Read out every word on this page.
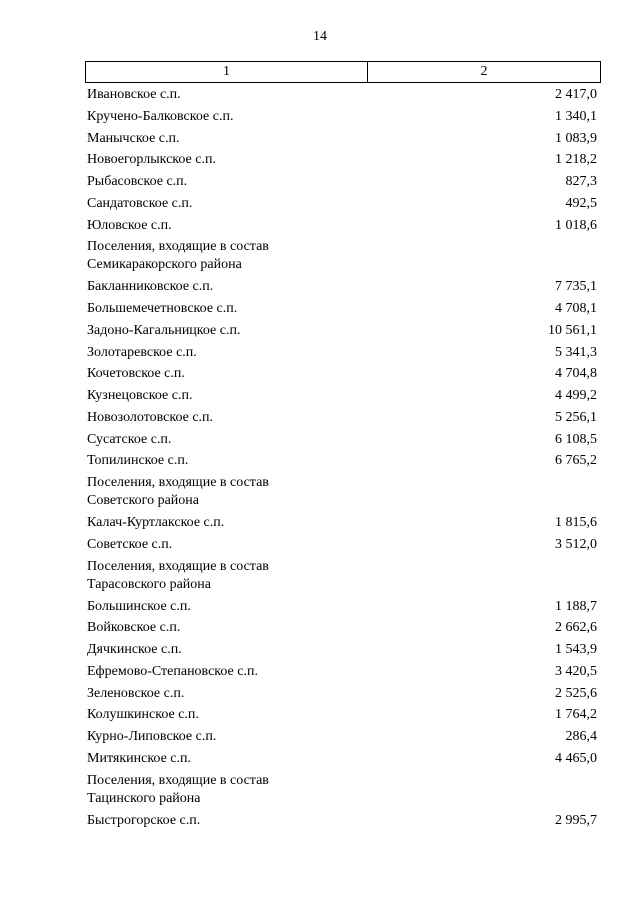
14
1	2
Ивановское с.п.	2 417,0
Кручено-Балковское с.п.	1 340,1
Манычское с.п.	1 083,9
Новоегорлыкское с.п.	1 218,2
Рыбасовское с.п.	827,3
Сандатовское с.п.	492,5
Юловское с.п.	1 018,6
Поселения, входящие в состав
Семикаракорского района
Бакланниковское с.п.	7 735,1
Большемечетновское с.п.	4 708,1
Задоно-Кагальницкое с.п.	10 561,1
Золотаревское с.п.	5 341,3
Кочетовское с.п.	4 704,8
Кузнецовское с.п.	4 499,2
Новозолотовское с.п.	5 256,1
Сусатское с.п.	6 108,5
Топилинское с.п.	6 765,2
Поселения, входящие в состав
Советского района
Калач-Куртлакское с.п.	1 815,6
Советское с.п.	3 512,0
Поселения, входящие в состав
Тарасовского района
Большинское с.п.	1 188,7
Войковское с.п.	2 662,6
Дячкинское с.п.	1 543,9
Ефремово-Степановское с.п.	3 420,5
Зеленовское с.п.	2 525,6
Колушкинское с.п.	1 764,2
Курно-Липовское с.п.	286,4
Митякинское с.п.	4 465,0
Поселения, входящие в состав
Тацинского района
Быстрогорское с.п.	2 995,7
